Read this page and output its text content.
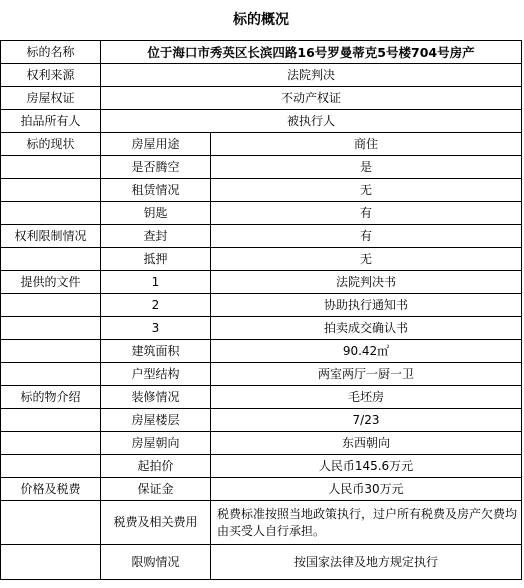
标的概况		
标的名称	位于海口市秀英区长滨四路16号罗曼蒂克5号楼704号房产	
权利来源	法院判决	
房屋权证	不动产权证	
拍品所有人	被执行人	
标的现状	房屋用途	商住
	是否腾空	是
	租赁情况	无
	钥匙	有
权利限制情况	查封	有
	抵押	无
提供的文件	1	法院判决书
	2	协助执行通知书
	3	拍卖成交确认书
	建筑面积	90.42㎡
	户型结构	两室两厅一厨一卫
标的物介绍	装修情况	毛坯房
	房屋楼层	7/23
	房屋朝向	东西朝向
	起拍价	人民币145.6万元
价格及税费	保证金	人民币30万元
	税费及相关费用	税费标准按照当地政策执行，过户所有税费及房产欠费均由买受人自行承担。
	限购情况	按国家法律及地方规定执行
